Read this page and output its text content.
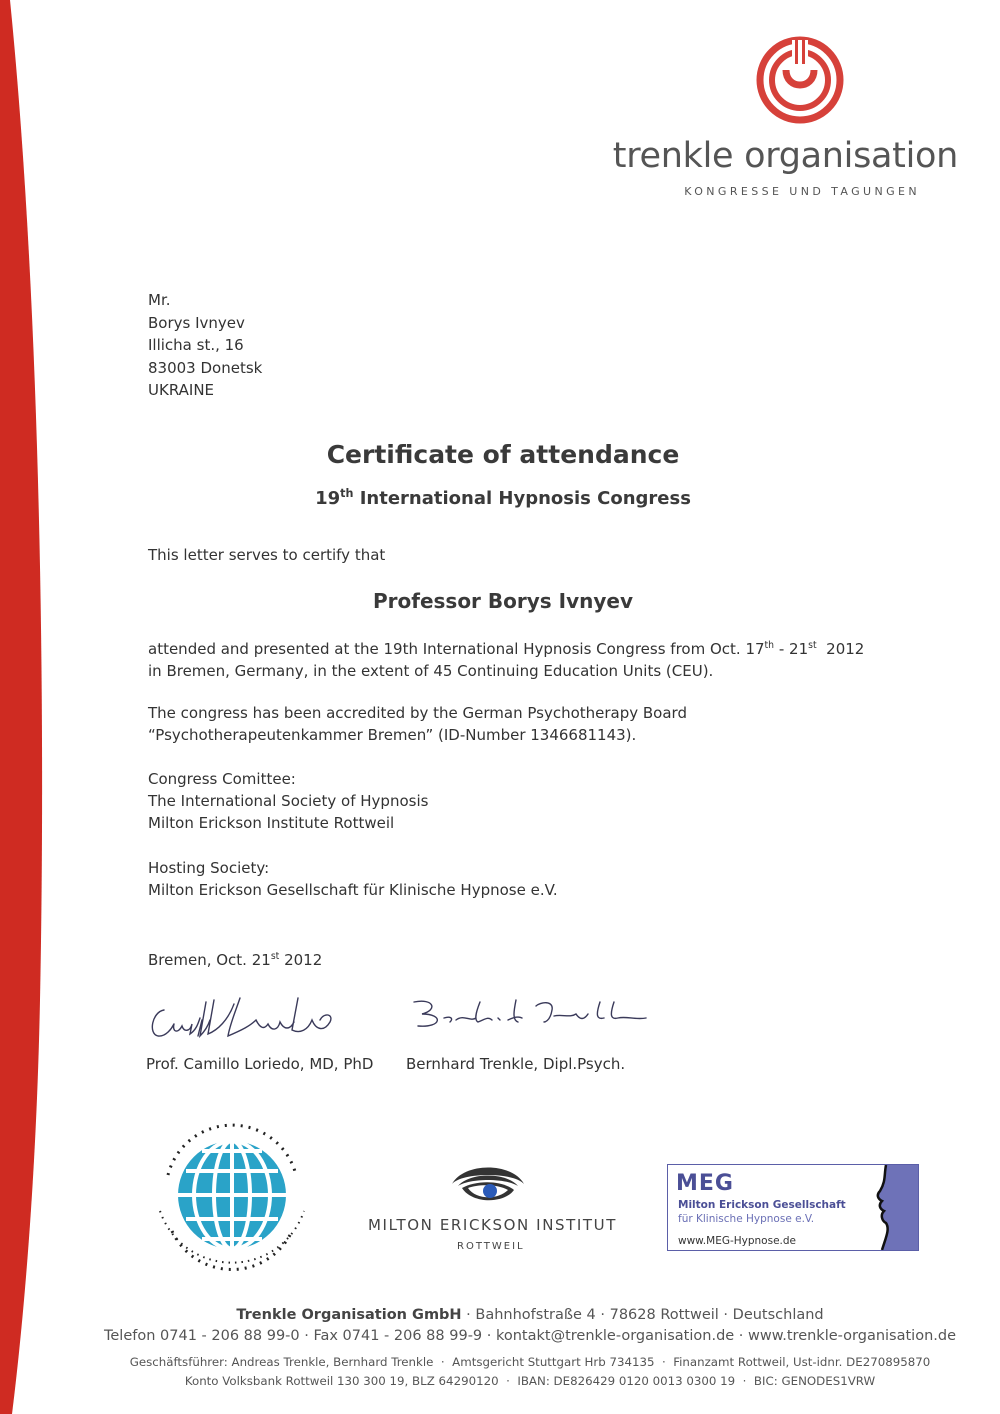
trenkle organisation
KONGRESSE UND TAGUNGEN
Mr.
Borys Ivnyev
Illicha st., 16
83003 Donetsk
UKRAINE
Certificate of attendance
19th International Hypnosis Congress
This letter serves to certify that
Professor Borys Ivnyev
attended and presented at the 19th International Hypnosis Congress from Oct. 17th - 21st  2012
in Bremen, Germany, in the extent of 45 Continuing Education Units (CEU).
The congress has been accredited by the German Psychotherapy Board
“Psychotherapeutenkammer Bremen” (ID-Number 1346681143).
Congress Comittee:
The International Society of Hypnosis
Milton Erickson Institute Rottweil
Hosting Society:
Milton Erickson Gesellschaft für Klinische Hypnose e.V.
Bremen, Oct. 21st 2012
Prof. Camillo Loriedo, MD, PhD Bernhard Trenkle, Dipl.Psych.
MILTON ERICKSON INSTITUT
ROTTWEIL
MEG
Milton Erickson Gesellschaft
für Klinische Hypnose e.V.
www.MEG-Hypnose.de
Trenkle Organisation GmbH · Bahnhofstraße 4 · 78628 Rottweil · Deutschland
Telefon 0741 - 206 88 99-0 · Fax 0741 - 206 88 99-9 · kontakt@trenkle-organisation.de · www.trenkle-organisation.de
Geschäftsführer: Andreas Trenkle, Bernhard Trenkle  ·  Amtsgericht Stuttgart Hrb 734135  ·  Finanzamt Rottweil, Ust-idnr. DE270895870
Konto Volksbank Rottweil 130 300 19, BLZ 64290120  ·  IBAN: DE826429 0120 0013 0300 19  ·  BIC: GENODES1VRW
